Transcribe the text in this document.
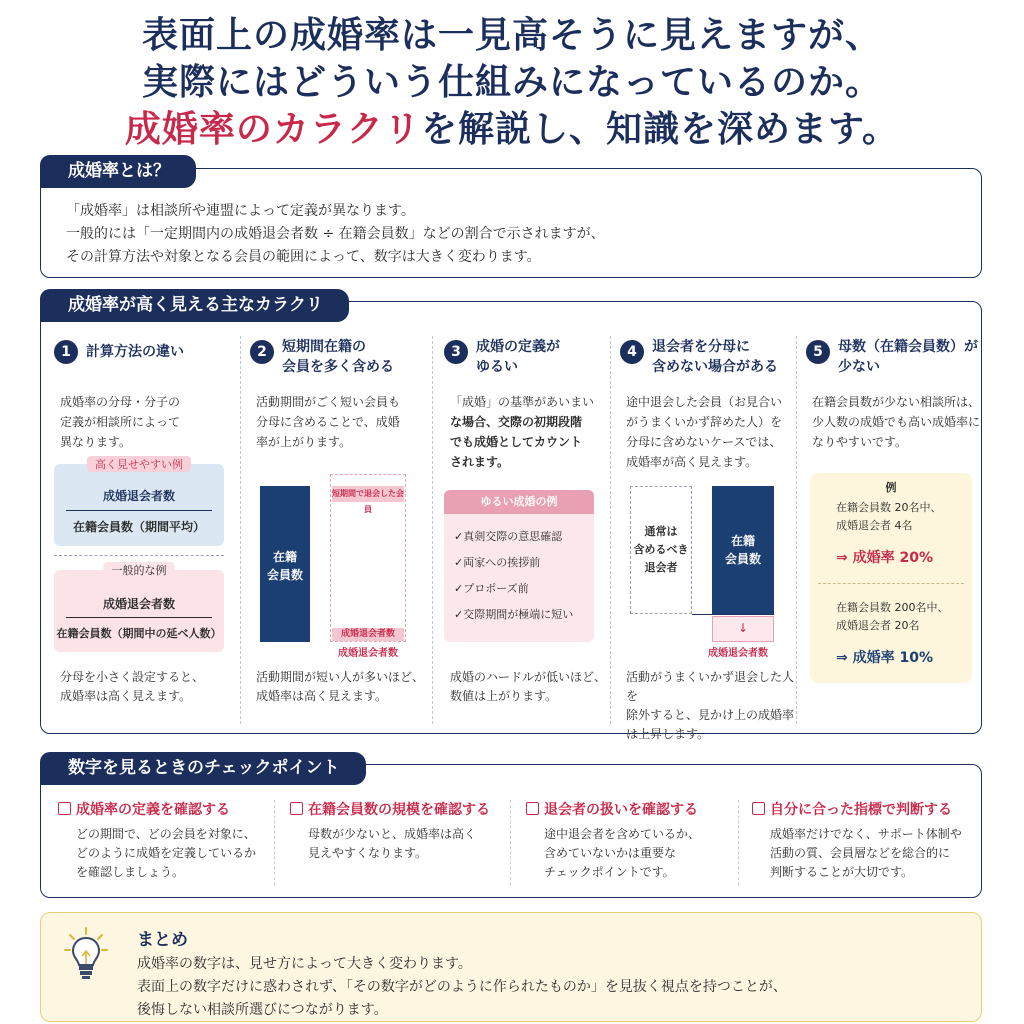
表面上の成婚率は一見高そうに見えますが、
実際にはどういう仕組みになっているのか。
成婚率のカラクリを解説し、知識を深めます。
成婚率とは？
「成婚率」は相談所や連盟によって定義が異なります。
一般的には「一定期間内の成婚退会者数 ÷ 在籍会員数」などの割合で示されますが、
その計算方法や対象となる会員の範囲によって、数字は大きく変わります。
成婚率が高く見える主なカラクリ
1	計算方法の違い
成婚率の分母・分子の
定義が相談所によって
異なります。
高く見せやすい例
成婚退会者数
在籍会員数（期間平均）
一般的な例
成婚退会者数
在籍会員数（期間中の延べ人数）
分母を小さく設定すると、
成婚率は高く見えます。
2	短期間在籍の
会員を多く含める
活動期間がごく短い会員も
分母に含めることで、成婚
率が上がります。
在籍
会員数
短期間で退会した会員
成婚退会者数
成婚退会者数
活動期間が短い人が多いほど、
成婚率は高く見えます。
3	成婚の定義が
ゆるい
「成婚」の基準があいまい
な場合、交際の初期段階
でも成婚としてカウント
されます。
ゆるい成婚の例
✓真剣交際の意思確認
✓両家への挨拶前
✓プロポーズ前
✓交際期間が極端に短い
成婚のハードルが低いほど、
数値は上がります。
4	退会者を分母に
含めない場合がある
途中退会した会員（お見合い
がうまくいかず辞めた人）を
分母に含めないケースでは、
成婚率が高く見えます。
通常は
含めるべき
退会者
在籍
会員数
↓
成婚退会者数
活動がうまくいかず退会した人を
除外すると、見かけ上の成婚率
は上昇します。
5	母数（在籍会員数）が
少ない
在籍会員数が少ない相談所は、
少人数の成婚でも高い成婚率に
なりやすいです。
例
在籍会員数 20名中、
成婚退会者 4名
⇒ 成婚率 20%
在籍会員数 200名中、
成婚退会者 20名
⇒ 成婚率 10%
数字を見るときのチェックポイント
成婚率の定義を確認する
どの期間で、どの会員を対象に、
どのように成婚を定義しているか
を確認しましょう。
在籍会員数の規模を確認する
母数が少ないと、成婚率は高く
見えやすくなります。
退会者の扱いを確認する
途中退会者を含めているか、
含めていないかは重要な
チェックポイントです。
自分に合った指標で判断する
成婚率だけでなく、サポート体制や
活動の質、会員層などを総合的に
判断することが大切です。
まとめ
成婚率の数字は、見せ方によって大きく変わります。
表面上の数字だけに惑わされず、「その数字がどのように作られたものか」を見抜く視点を持つことが、
後悔しない相談所選びにつながります。
